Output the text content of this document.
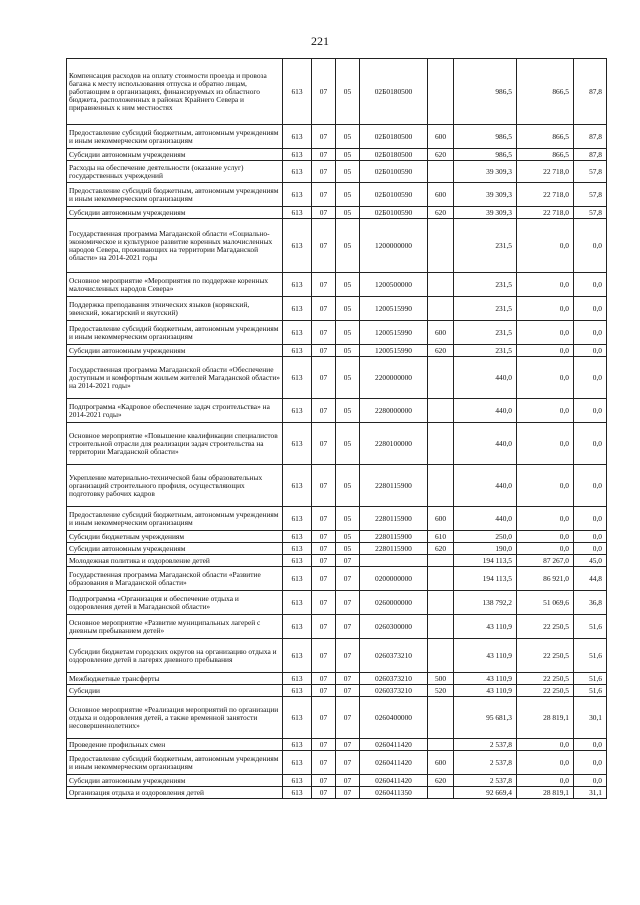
221
Компенсация расходов на оплату стоимости проезда и провоза багажа к месту использования отпуска и обратно лицам, работающим в организациях, финансируемых из областного бюджета, расположенных в районах Крайнего Севера и приравненных к ним местностях	613	07	05	02Б0180500		986,5	866,5	87,8
Предоставление субсидий бюджетным, автономным учреждениям и иным некоммерческим организациям	613	07	05	02Б0180500	600	986,5	866,5	87,8
Субсидии автономным учреждениям	613	07	05	02Б0180500	620	986,5	866,5	87,8
Расходы на обеспечение деятельности (оказание услуг) государственных учреждений	613	07	05	02Б0100590		39 309,3	22 718,0	57,8
Предоставление субсидий бюджетным, автономным учреждениям и иным некоммерческим организациям	613	07	05	02Б0100590	600	39 309,3	22 718,0	57,8
Субсидии автономным учреждениям	613	07	05	02Б0100590	620	39 309,3	22 718,0	57,8
Государственная программа Магаданской области «Социально-экономическое и культурное развитие коренных малочисленных народов Севера, проживающих на территории Магаданской области» на 2014-2021 годы	613	07	05	1200000000		231,5	0,0	0,0
Основное мероприятие «Мероприятия по поддержке коренных малочисленных народов Севера»	613	07	05	1200500000		231,5	0,0	0,0
Поддержка преподавания этнических языков (корякский, эвенский, юкагирский и якутский)	613	07	05	1200515990		231,5	0,0	0,0
Предоставление субсидий бюджетным, автономным учреждениям и иным некоммерческим организациям	613	07	05	1200515990	600	231,5	0,0	0,0
Субсидии автономным учреждениям	613	07	05	1200515990	620	231,5	0,0	0,0
Государственная программа Магаданской области «Обеспечение доступным и комфортным жильем жителей Магаданской области» на 2014-2021 годы»	613	07	05	2200000000		440,0	0,0	0,0
Подпрограмма «Кадровое обеспечение задач строительства» на 2014-2021 годы»	613	07	05	2280000000		440,0	0,0	0,0
Основное мероприятие «Повышение квалификации специалистов строительной отрасли для реализации задач строительства на территории Магаданской области»	613	07	05	2280100000		440,0	0,0	0,0
Укрепление материально-технической базы образовательных организаций строительного профиля, осуществляющих подготовку рабочих кадров	613	07	05	2280115900		440,0	0,0	0,0
Предоставление субсидий бюджетным, автономным учреждениям и иным некоммерческим организациям	613	07	05	2280115900	600	440,0	0,0	0,0
Субсидии бюджетным учреждениям	613	07	05	2280115900	610	250,0	0,0	0,0
Субсидии автономным учреждениям	613	07	05	2280115900	620	190,0	0,0	0,0
Молодежная политика и оздоровление детей	613	07	07			194 113,5	87 267,0	45,0
Государственная программа Магаданской области «Развитие образования в Магаданской области»	613	07	07	0200000000		194 113,5	86 921,0	44,8
Подпрограмма «Организация и обеспечение отдыха и оздоровления детей в Магаданской области»	613	07	07	0260000000		138 792,2	51 069,6	36,8
Основное мероприятие «Развитие муниципальных лагерей с дневным пребыванием детей»	613	07	07	0260300000		43 110,9	22 250,5	51,6
Субсидии бюджетам городских округов на организацию отдыха и оздоровление детей в лагерях дневного пребывания	613	07	07	0260373210		43 110,9	22 250,5	51,6
Межбюджетные трансферты	613	07	07	0260373210	500	43 110,9	22 250,5	51,6
Субсидии	613	07	07	0260373210	520	43 110,9	22 250,5	51,6
Основное мероприятие «Реализация мероприятий по организации отдыха и оздоровления детей, а также временной занятости несовершеннолетних»	613	07	07	0260400000		95 681,3	28 819,1	30,1
Проведение профильных смен	613	07	07	0260411420		2 537,8	0,0	0,0
Предоставление субсидий бюджетным, автономным учреждениям и иным некоммерческим организациям	613	07	07	0260411420	600	2 537,8	0,0	0,0
Субсидии автономным учреждениям	613	07	07	0260411420	620	2 537,8	0,0	0,0
Организация отдыха и оздоровления детей	613	07	07	0260411350		92 669,4	28 819,1	31,1
